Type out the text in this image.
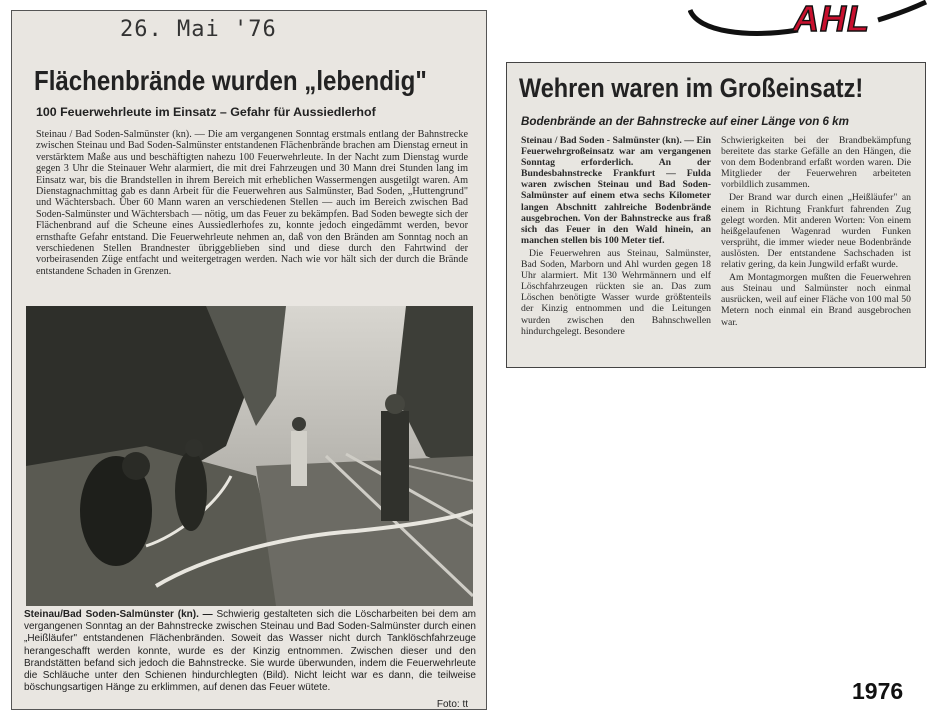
26. Mai '76
Flächenbrände wurden „lebendig"
100 Feuerwehrleute im Einsatz – Gefahr für Aussiedlerhof
Steinau / Bad Soden-Salmünster (kn). — Die am vergangenen Sonntag erstmals entlang der Bahnstrecke zwischen Steinau und Bad Soden-Salmünster entstandenen Flächenbrände brachen am Dienstag erneut in verstärktem Maße aus und beschäftigten nahezu 100 Feuerwehrleute. In der Nacht zum Dienstag wurde gegen 3 Uhr die Steinauer Wehr alarmiert, die mit drei Fahrzeugen und 30 Mann drei Stunden lang im Einsatz war, bis die Brandstellen in ihrem Bereich mit erheblichen Wassermengen ausgetilgt waren. Am Dienstagnachmittag gab es dann Arbeit für die Feuerwehren aus Salmünster, Bad Soden, „Huttengrund" und Wächtersbach. Über 60 Mann waren an verschiedenen Stellen — auch im Bereich zwischen Bad Soden-Salmünster und Wächtersbach — nötig, um das Feuer zu bekämpfen. Bad Soden bewegte sich der Flächenbrand auf die Scheune eines Aussiedlerhofes zu, konnte jedoch eingedämmt werden, bevor ernsthafte Gefahr entstand. Die Feuerwehrleute nehmen an, daß von den Bränden am Sonntag noch an verschiedenen Stellen Brandnester übriggeblieben sind und diese durch den Fahrtwind der vorbeirasenden Züge entfacht und weitergetragen werden. Nach wie vor hält sich der durch die Brände entstandene Schaden in Grenzen.
Steinau/Bad Soden-Salmünster (kn). — Schwierig gestalteten sich die Löscharbeiten bei dem am vergangenen Sonntag an der Bahnstrecke zwischen Steinau und Bad Soden-Salmünster durch einen „Heißläufer" entstandenen Flächenbränden. Soweit das Wasser nicht durch Tanklöschfahrzeuge herangeschafft werden konnte, wurde es der Kinzig entnommen. Zwischen dieser und den Brandstätten befand sich jedoch die Bahnstrecke. Sie wurde überwunden, indem die Feuerwehrleute die Schläuche unter den Schienen hindurchlegten (Bild). Nicht leicht war es dann, die teilweise böschungsartigen Hänge zu erklimmen, auf denen das Feuer wütete.
Foto: tt
AHL
Wehren waren im Großeinsatz!
Bodenbrände an der Bahnstrecke auf einer Länge von 6 km

Steinau / Bad Soden - Salmünster (kn). — Ein Feuerwehrgroßeinsatz war am vergangenen Sonntag erforderlich. An der Bundesbahnstrecke Frankfurt — Fulda waren zwischen Steinau und Bad Soden-Salmünster auf einem etwa sechs Kilometer langen Abschnitt zahlreiche Bodenbrände ausgebrochen. Von der Bahnstrecke aus fraß sich das Feuer in den Wald hinein, an manchen stellen bis 100 Meter tief.

Die Feuerwehren aus Steinau, Salmünster, Bad Soden, Marborn und Ahl wurden gegen 18 Uhr alarmiert. Mit 130 Wehrmännern und elf Löschfahrzeugen rückten sie an. Das zum Löschen benötigte Wasser wurde größtenteils der Kinzig entnommen und die Leitungen wurden zwischen den Bahnschwellen hindurchgelegt. Besondere

Schwierigkeiten bei der Brandbekämpfung bereitete das starke Gefälle an den Hängen, die von dem Bodenbrand erfaßt worden waren. Die Mitglieder der Feuerwehren arbeiteten vorbildlich zusammen.

Der Brand war durch einen „Heißläufer" an einem in Richtung Frankfurt fahrenden Zug gelegt worden. Mit anderen Worten: Von einem heißgelaufenen Wagenrad wurden Funken versprüht, die immer wieder neue Bodenbrände auslösten. Der entstandene Sachschaden ist relativ gering, da kein Jungwild erfaßt wurde.

Am Montagmorgen mußten die Feuerwehren aus Steinau und Salmünster noch einmal ausrücken, weil auf einer Fläche von 100 mal 50 Metern noch einmal ein Brand ausgebrochen war.

1976
